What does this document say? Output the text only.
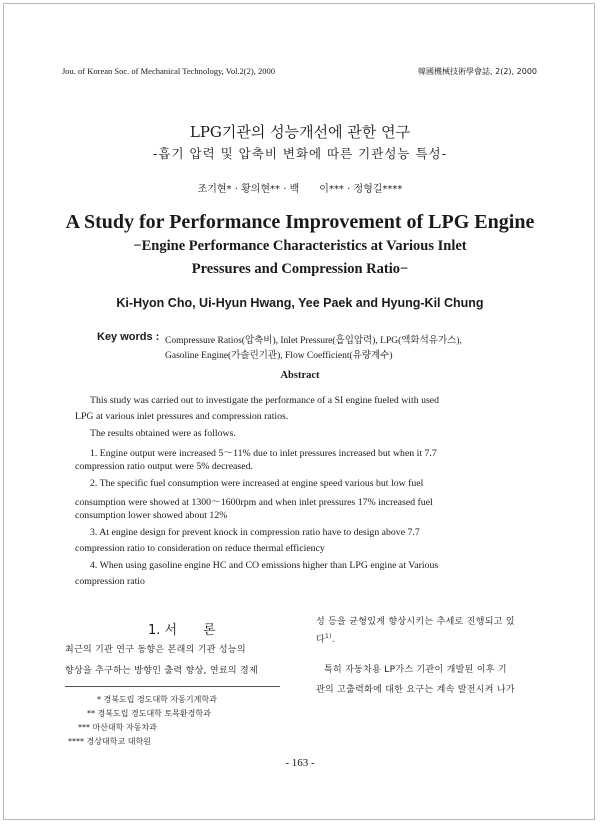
Jou. of Korean Soc. of Mechanical Technology, Vol.2(2), 2000	韓國機械技術學會誌, 2(2), 2000
LPG기관의 성능개선에 관한 연구
-흡기 압력 및 압축비 변화에 따른 기관성능 특성-
조기현* · 황의현** · 백　　이*** · 정형길****
A Study for Performance Improvement of LPG Engine
−Engine Performance Characteristics at Various Inlet
Pressures and Compression Ratio−
Ki-Hyon Cho, Ui-Hyun Hwang, Yee Paek and Hyung-Kil Chung
Key words : Compressure Ratios(압축비), Inlet Pressure(흡입압력), LPG(액화석유가스),
Gasoline Engine(가솔린기관), Flow Coefficient(유량계수)
Abstract
This study was carried out to investigate the performance of a SI engine fueled with used
LPG at various inlet pressures and compression ratios.
The results obtained were as follows.
1. Engine output were increased 5～11% due to inlet pressures increased but when it 7.7
compression ratio output were 5% decreased.
2. The specific fuel consumption were increased at engine speed various but low fuel
consumption were showed at 1300～1600rpm and when inlet pressures 17% increased fuel
consumption lower showed about 12%
3. At engine design for prevent knock in compression ratio have to design above 7.7
compression ratio to consideration on reduce thermal efficiency
4. When using gasoline engine HC and CO emissions higher than LPG engine at Various
compression ratio
1. 서　　론
최근의 기관 연구 동향은 본래의 기관 성능의
향상을 추구하는 방향인 출력 향상, 연료의 경제
성 등을 균형있게 향상시키는 추세로 진행되고 있
다$^{1)}$.
특히 자동차용 LP가스 기관이 개발된 이후 기
관의 고출력화에 대한 요구는 계속 발전시켜 나가
* 경북도립 경도대학 자동기계학과
** 경북도립 경도대학 토목환경학과
*** 마산대학 자동차과
**** 경상대학교 대학원
- 163 -
